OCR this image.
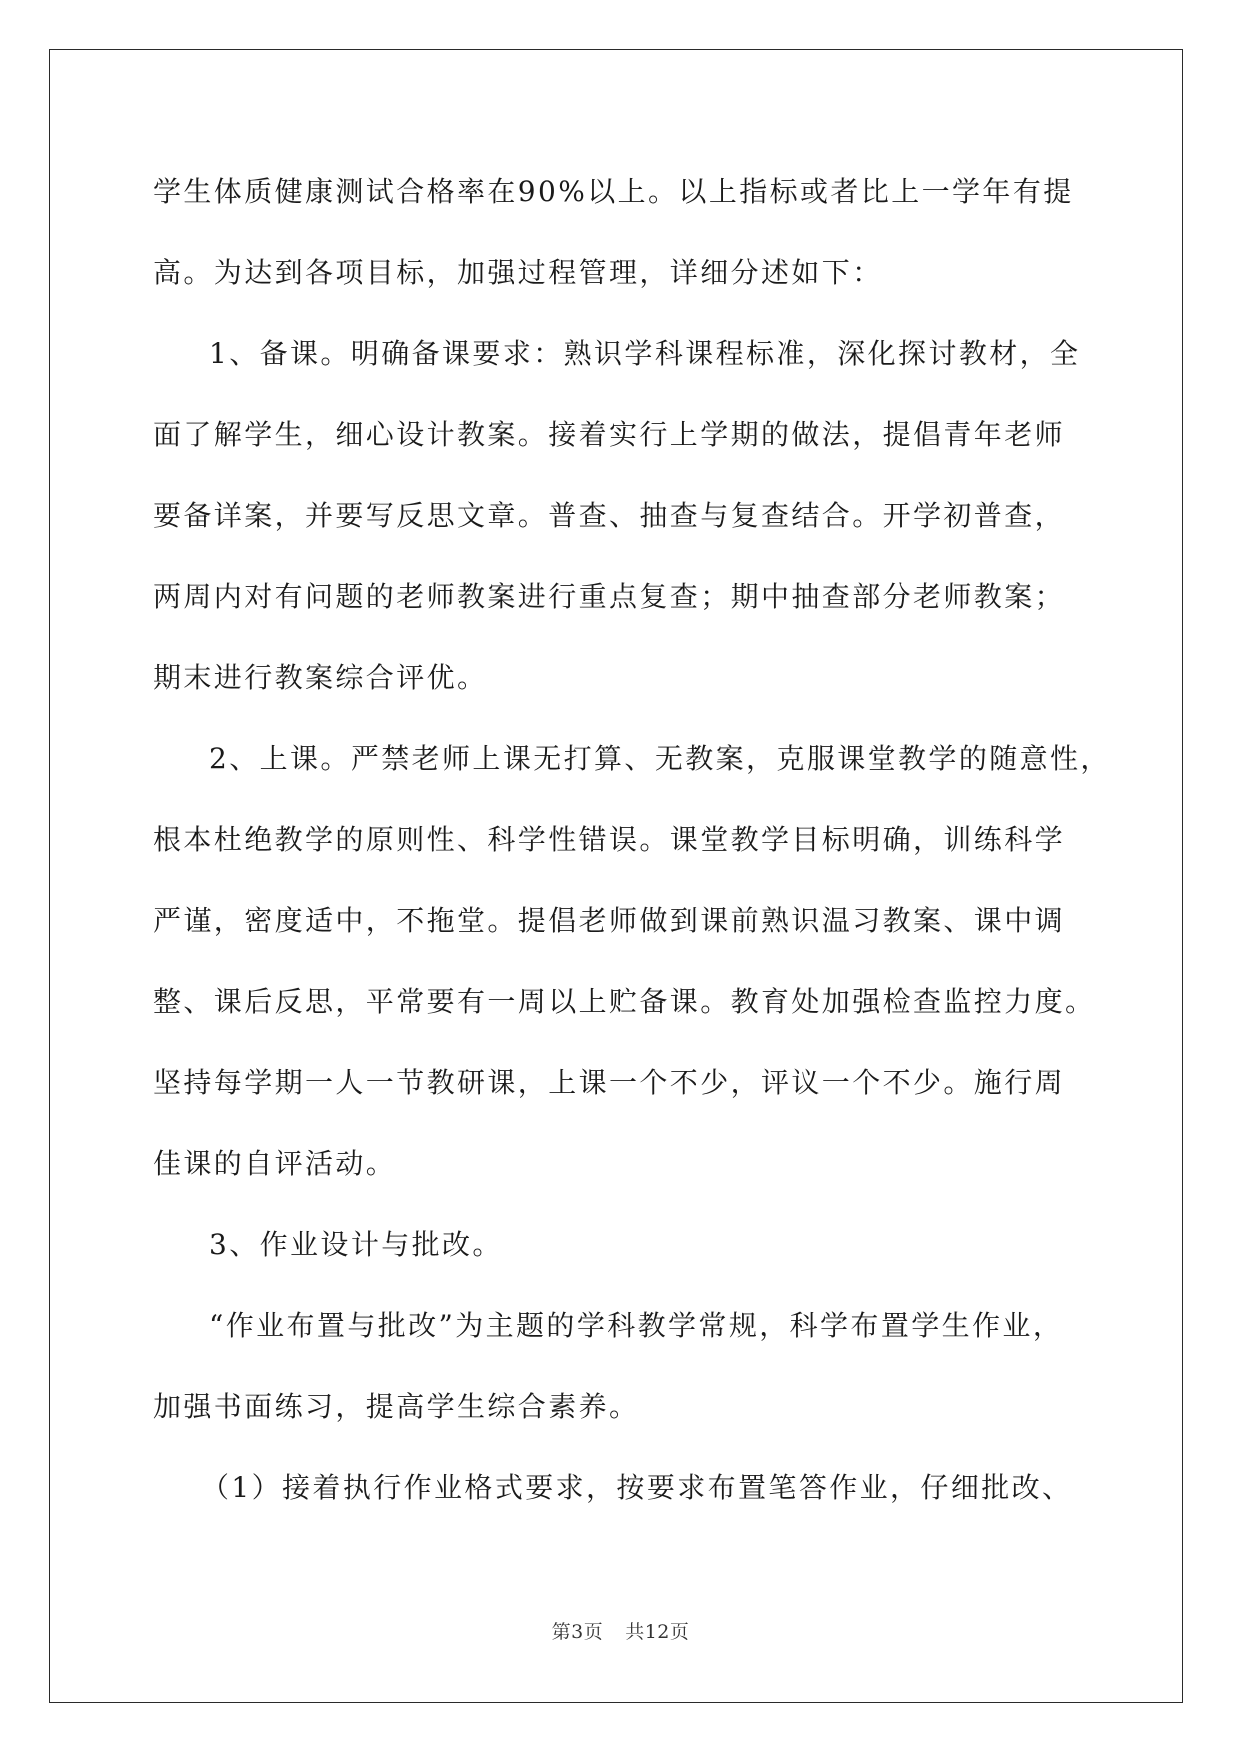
学生体质健康测试合格率在90%以上。以上指标或者比上一学年有提
高。为达到各项目标，加强过程管理，详细分述如下：
1、备课。明确备课要求：熟识学科课程标准，深化探讨教材，全
面了解学生，细心设计教案。接着实行上学期的做法，提倡青年老师
要备详案，并要写反思文章。普查、抽查与复查结合。开学初普查，
两周内对有问题的老师教案进行重点复查；期中抽查部分老师教案；
期末进行教案综合评优。
2、上课。严禁老师上课无打算、无教案，克服课堂教学的随意性，
根本杜绝教学的原则性、科学性错误。课堂教学目标明确，训练科学
严谨，密度适中，不拖堂。提倡老师做到课前熟识温习教案、课中调
整、课后反思，平常要有一周以上贮备课。教育处加强检查监控力度。
坚持每学期一人一节教研课，上课一个不少，评议一个不少。施行周
佳课的自评活动。
3、作业设计与批改。
“作业布置与批改”为主题的学科教学常规，科学布置学生作业，
加强书面练习，提高学生综合素养。
（1）接着执行作业格式要求，按要求布置笔答作业，仔细批改、
第3页 共12页
